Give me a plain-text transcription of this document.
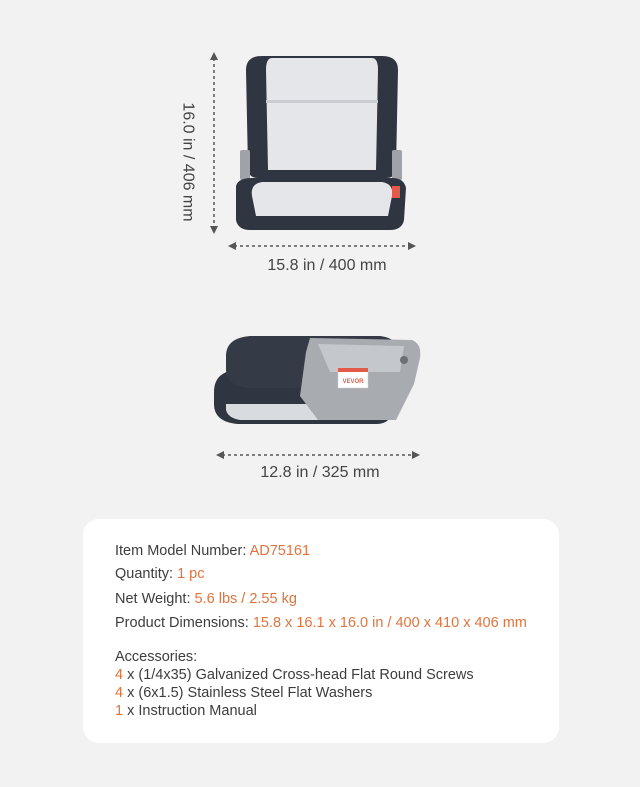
VEVOR
16.0 in / 406 mm
15.8 in / 400 mm
12.8 in / 325 mm
Item Model Number: AD75161
Quantity: 1 pc
Net Weight: 5.6 lbs / 2.55 kg
Product Dimensions: 15.8 x 16.1 x 16.0 in / 400 x 410 x 406 mm
Accessories:
4 x (1/4x35) Galvanized Cross-head Flat Round Screws
4 x (6x1.5) Stainless Steel Flat Washers
1 x Instruction Manual
